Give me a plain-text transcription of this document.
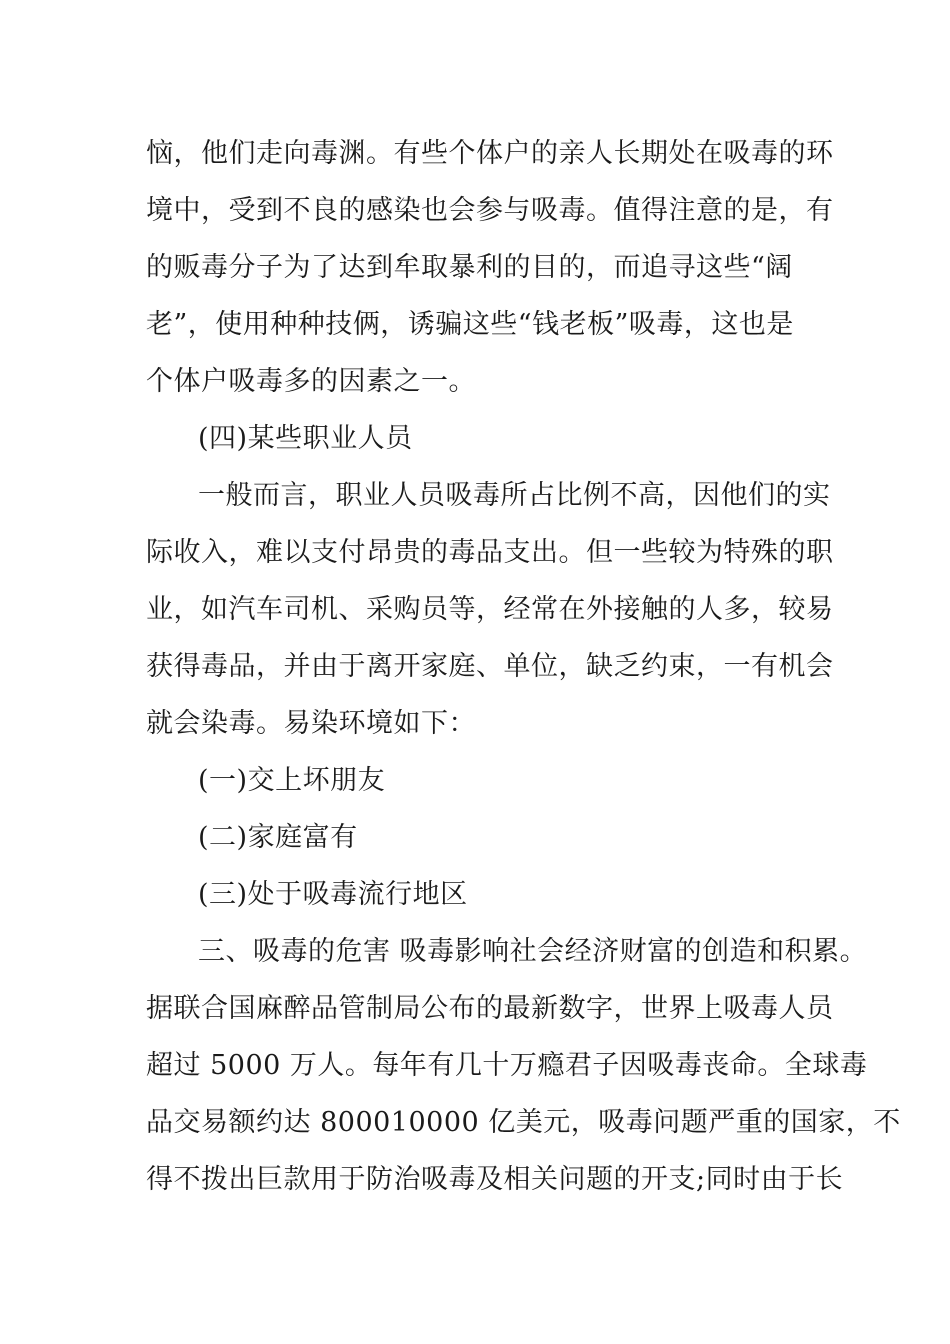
恼，他们走向毒渊。有些个体户的亲人长期处在吸毒的环
境中，受到不良的感染也会参与吸毒。值得注意的是，有
的贩毒分子为了达到牟取暴利的目的，而追寻这些“阔
老”，使用种种技俩，诱骗这些“钱老板”吸毒，这也是
个体户吸毒多的因素之一。
(四)某些职业人员
一般而言，职业人员吸毒所占比例不高，因他们的实
际收入，难以支付昂贵的毒品支出。但一些较为特殊的职
业，如汽车司机、采购员等，经常在外接触的人多，较易
获得毒品，并由于离开家庭、单位，缺乏约束，一有机会
就会染毒。易染环境如下：
(一)交上坏朋友
(二)家庭富有
(三)处于吸毒流行地区
三、吸毒的危害 吸毒影响社会经济财富的创造和积累。
据联合国麻醉品管制局公布的最新数字，世界上吸毒人员
超过 5000 万人。每年有几十万瘾君子因吸毒丧命。全球毒
品交易额约达 800010000 亿美元，吸毒问题严重的国家，不
得不拨出巨款用于防治吸毒及相关问题的开支;同时由于长
